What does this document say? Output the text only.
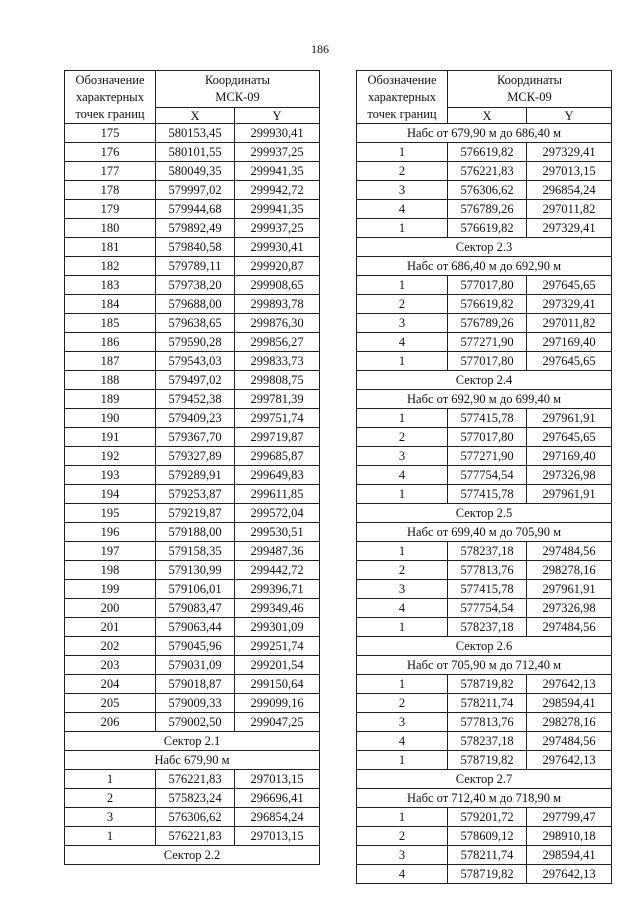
186
Обозначение
характерных
точек границ	Координаты
МСК-09	
	X	Y
175	580153,45	299930,41
176	580101,55	299937,25
177	580049,35	299941,35
178	579997,02	299942,72
179	579944,68	299941,35
180	579892,49	299937,25
181	579840,58	299930,41
182	579789,11	299920,87
183	579738,20	299908,65
184	579688,00	299893,78
185	579638,65	299876,30
186	579590,28	299856,27
187	579543,03	299833,73
188	579497,02	299808,75
189	579452,38	299781,39
190	579409,23	299751,74
191	579367,70	299719,87
192	579327,89	299685,87
193	579289,91	299649,83
194	579253,87	299611,85
195	579219,87	299572,04
196	579188,00	299530,51
197	579158,35	299487,36
198	579130,99	299442,72
199	579106,01	299396,71
200	579083,47	299349,46
201	579063,44	299301,09
202	579045,96	299251,74
203	579031,09	299201,54
204	579018,87	299150,64
205	579009,33	299099,16
206	579002,50	299047,25
Сектор 2.1		
Набс 679,90 м		
1	576221,83	297013,15
2	575823,24	296696,41
3	576306,62	296854,24
1	576221,83	297013,15
Сектор 2.2		
Обозначение
характерных
точек границ	Координаты
МСК-09	
	X	Y
Набс от 679,90 м до 686,40 м		
1	576619,82	297329,41
2	576221,83	297013,15
3	576306,62	296854,24
4	576789,26	297011,82
1	576619,82	297329,41
Сектор 2.3		
Набс от 686,40 м до 692,90 м		
1	577017,80	297645,65
2	576619,82	297329,41
3	576789,26	297011,82
4	577271,90	297169,40
1	577017,80	297645,65
Сектор 2.4		
Набс от 692,90 м до 699,40 м		
1	577415,78	297961,91
2	577017,80	297645,65
3	577271,90	297169,40
4	577754,54	297326,98
1	577415,78	297961,91
Сектор 2.5		
Набс от 699,40 м до 705,90 м		
1	578237,18	297484,56
2	577813,76	298278,16
3	577415,78	297961,91
4	577754,54	297326,98
1	578237,18	297484,56
Сектор 2.6		
Набс от 705,90 м до 712,40 м		
1	578719,82	297642,13
2	578211,74	298594,41
3	577813,76	298278,16
4	578237,18	297484,56
1	578719,82	297642,13
Сектор 2.7		
Набс от 712,40 м до 718,90 м		
1	579201,72	297799,47
2	578609,12	298910,18
3	578211,74	298594,41
4	578719,82	297642,13
